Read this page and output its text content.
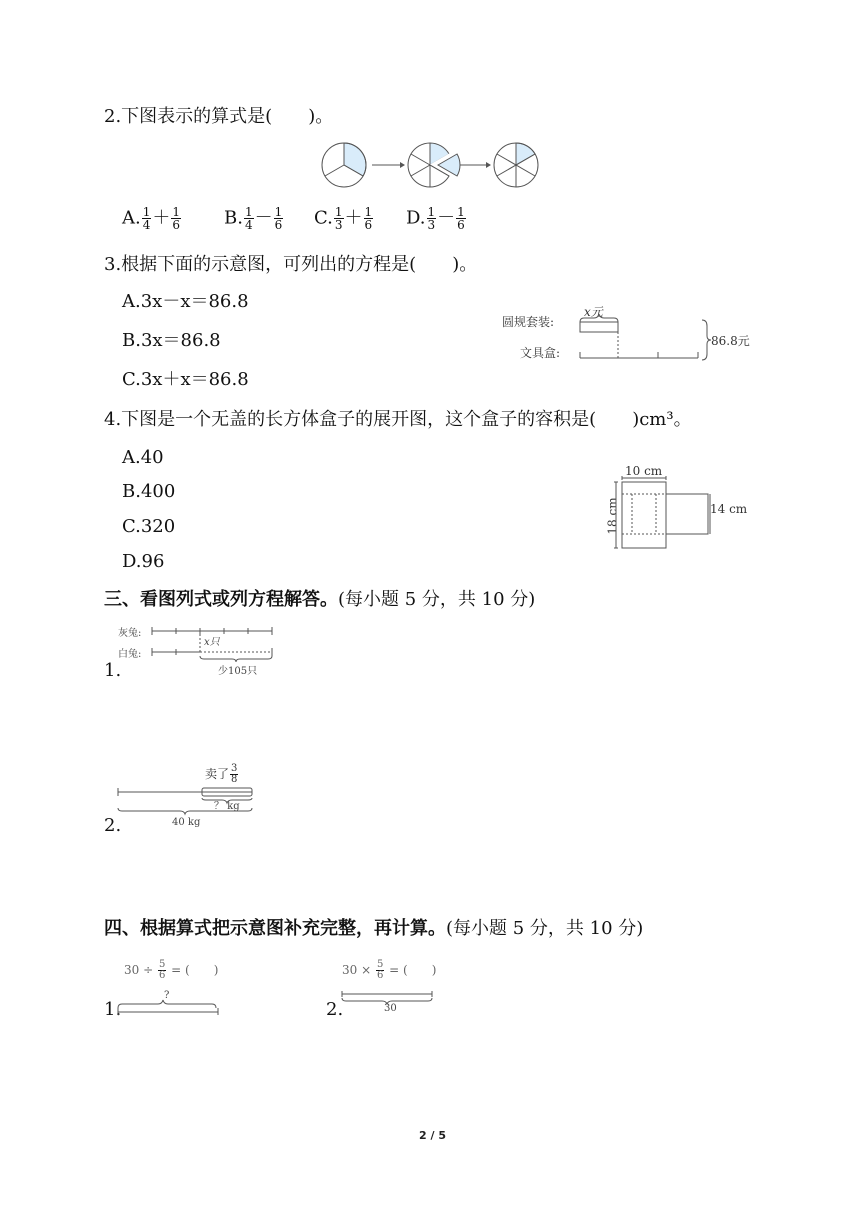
2.下图表示的算式是(　　)。
A. $\frac{1}{4} + \frac{1}{6} B$. $\frac{1}{4} - \frac{1}{6} C$. $\frac{1}{3} + \frac{1}{6} D$. $\frac{1}{3} - \frac{1}{6}$
3.根据下面的示意图，可列出的方程是(　　)。
A.3x－x＝86.8
B.3x＝86.8
C.3x＋x＝86.8
圆规套装:
文具盒:
x元
86.8元
4.下图是一个无盖的长方体盒子的展开图，这个盒子的容积是(　　)cm³。
A.40
B.400
C.320
D.96
10 cm
14 cm
18 cm
三、看图列式或列方程解答。(每小题 5 分，共 10 分)
1.
灰兔:
白兔:
x只
少105只
2.
卖了 $\frac{3}{8}$
？ kg
40 kg
四、根据算式把示意图补充完整，再计算。(每小题 5 分，共 10 分)
$30 \div \frac{5}{6}$ = (　　)
1.
?
$30 \times \frac{5}{6}$ = (　　)
2.	30
2 / 5
